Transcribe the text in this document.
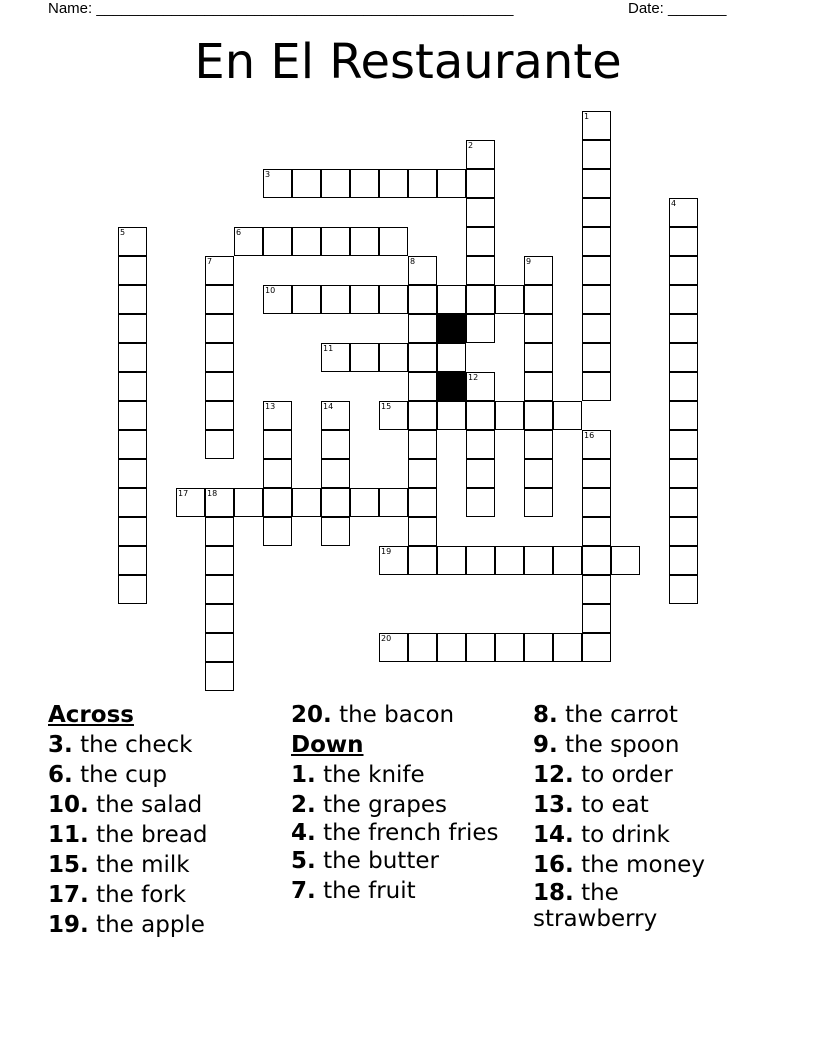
Name: __________________________________________________	Date: _______
En El Restaurante
3
6
10
11
15
17 18
19
20
1
2
4
5
7	8	9
12
13	14
16
Across
3. the check
6. the cup
10. the salad
11. the bread
15. the milk
17. the fork
19. the apple
20. the bacon
Down
1. the knife
2. the grapes
4. the french fries
5. the butter
7. the fruit
8. the carrot
9. the spoon
12. to order
13. to eat
14. to drink
16. the money
18. the strawberry
